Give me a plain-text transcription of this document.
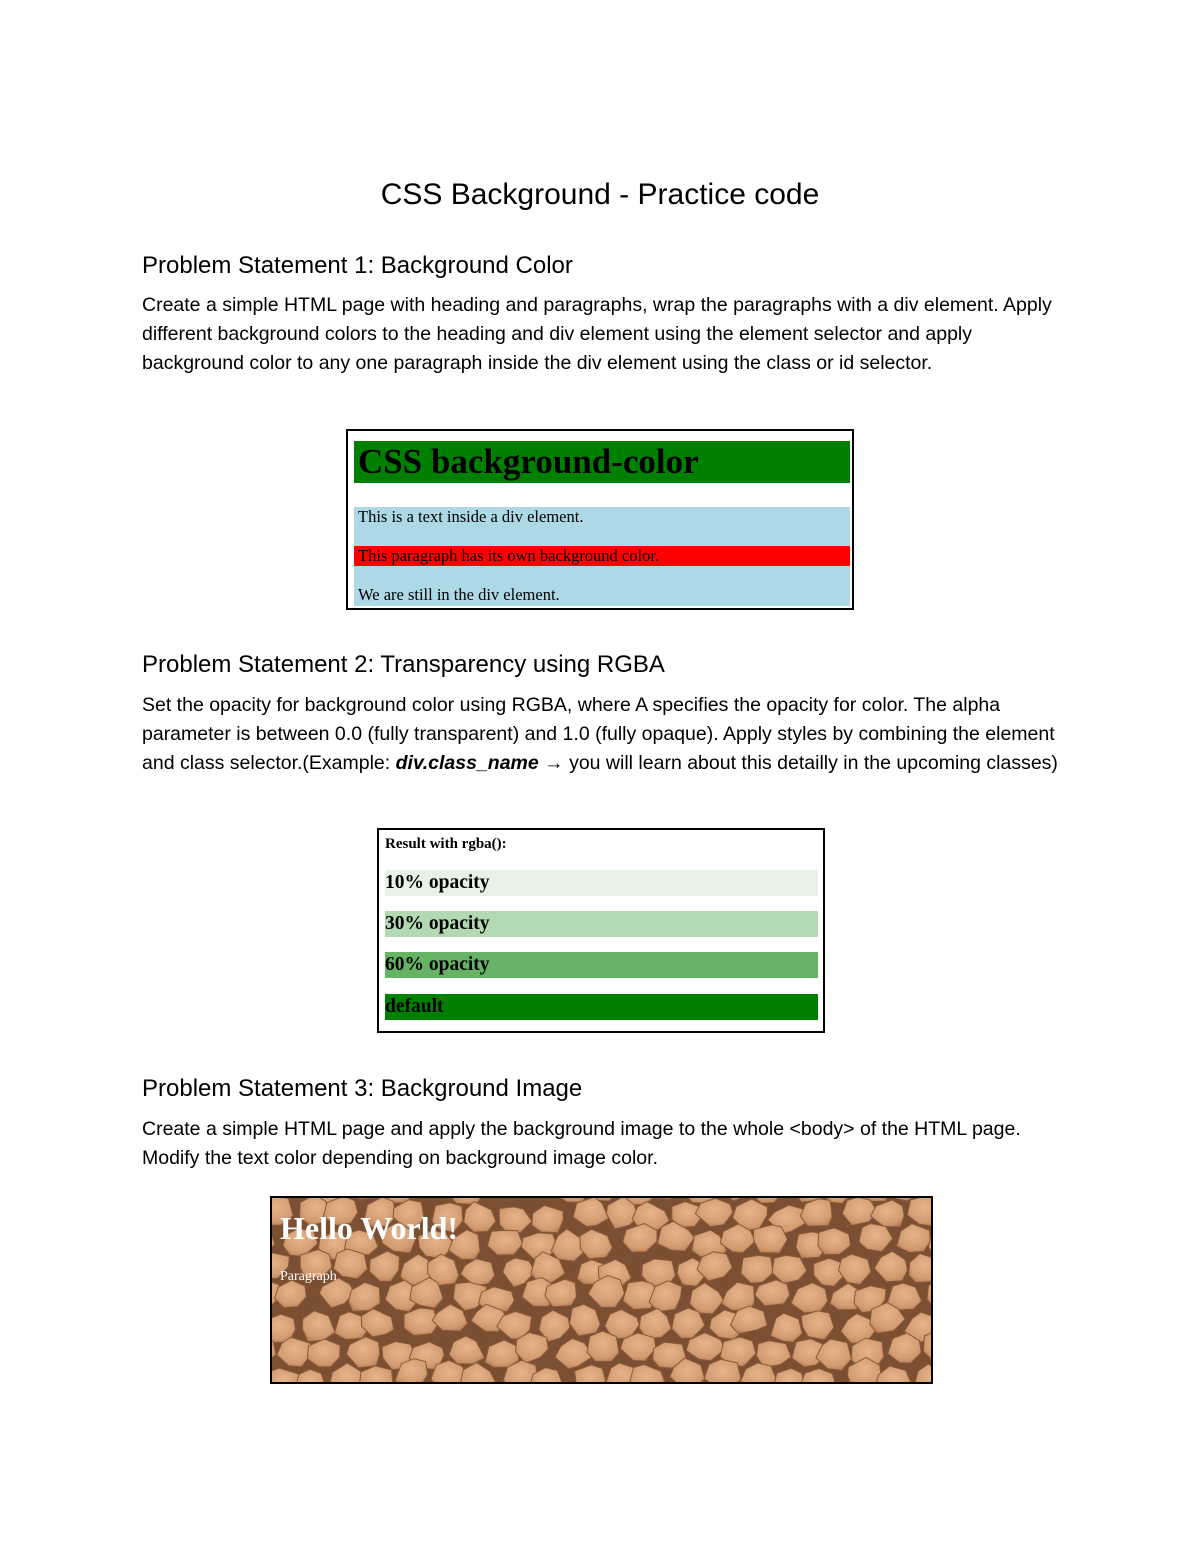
CSS Background - Practice code
Problem Statement 1: Background Color
Create a simple HTML page with heading and paragraphs, wrap the paragraphs with a div element. Apply different background colors to the heading and div element using the element selector and apply background color to any one paragraph inside the div element using the class or id selector.
CSS background-color
This is a text inside a div element.
This paragraph has its own background color.
We are still in the div element.
Problem Statement 2: Transparency using RGBA
Set the opacity for background color using RGBA, where A specifies the opacity for color. The alpha parameter is between 0.0 (fully transparent) and 1.0 (fully opaque). Apply styles by combining the element and class selector.(Example: div.class_name → you will learn about this detailly in the upcoming classes)
Result with rgba():
10% opacity
30% opacity
60% opacity
default
Problem Statement 3: Background Image
Create a simple HTML page and apply the background image to the whole <body> of the HTML page. Modify the text color depending on background image color.
Hello World!
Paragraph
